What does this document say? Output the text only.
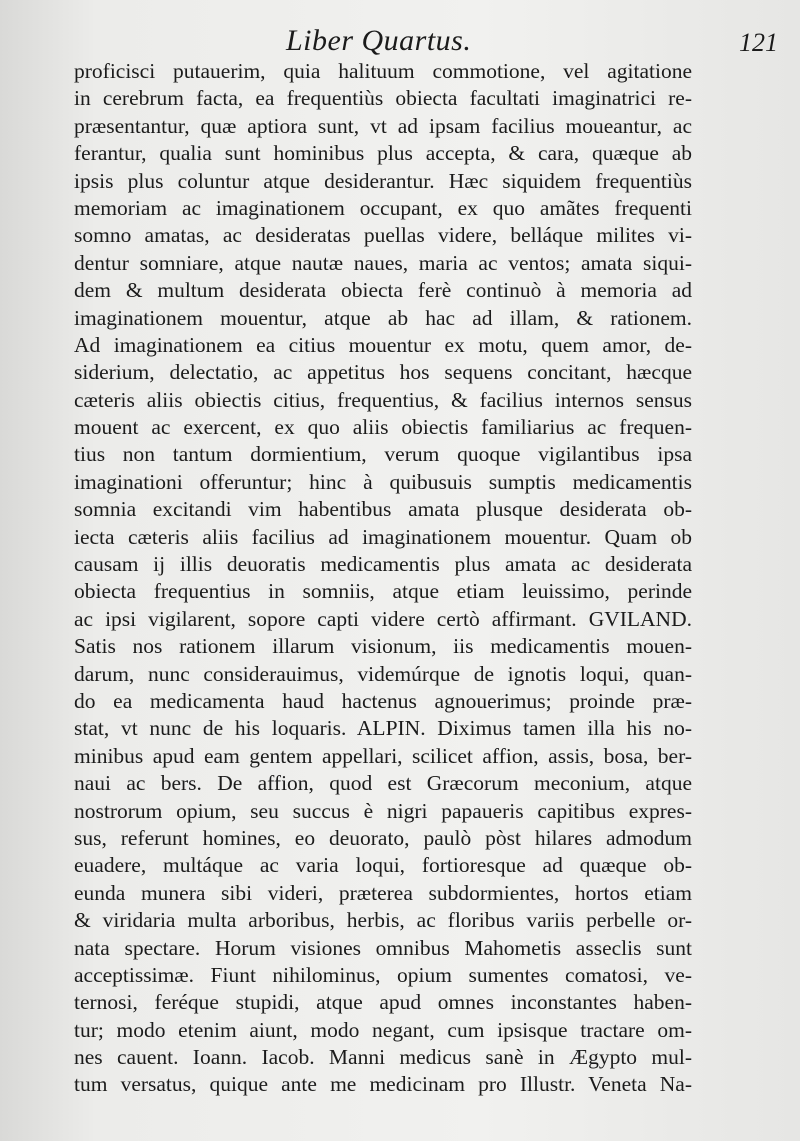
Liber Quartus.	121
proficisci putauerim, quia halituum commotione, vel agitatione
in cerebrum facta, ea frequentiùs obiecta facultati imaginatrici re-
præsentantur, quæ aptiora sunt, vt ad ipsam facilius moueantur, ac
ferantur, qualia sunt hominibus plus accepta, & cara, quæque ab
ipsis plus coluntur atque desiderantur. Hæc siquidem frequentiùs
memoriam ac imaginationem occupant, ex quo amãtes frequenti
somno amatas, ac desideratas puellas videre, belláque milites vi-
dentur somniare, atque nautæ naues, maria ac ventos; amata siqui-
dem & multum desiderata obiecta ferè continuò à memoria ad
imaginationem mouentur, atque ab hac ad illam, & rationem.
Ad imaginationem ea citius mouentur ex motu, quem amor, de-
siderium, delectatio, ac appetitus hos sequens concitant, hæcque
cæteris aliis obiectis citius, frequentius, & facilius internos sensus
mouent ac exercent, ex quo aliis obiectis familiarius ac frequen-
tius non tantum dormientium, verum quoque vigilantibus ipsa
imaginationi offeruntur; hinc à quibusuis sumptis medicamentis
somnia excitandi vim habentibus amata plusque desiderata ob-
iecta cæteris aliis facilius ad imaginationem mouentur. Quam ob
causam ij illis deuoratis medicamentis plus amata ac desiderata
obiecta frequentius in somniis, atque etiam leuissimo, perinde
ac ipsi vigilarent, sopore capti videre certò affirmant. GVILAND.
Satis nos rationem illarum visionum, iis medicamentis mouen-
darum, nunc considerauimus, videmúrque de ignotis loqui, quan-
do ea medicamenta haud hactenus agnouerimus; proinde præ-
stat, vt nunc de his loquaris. ALPIN. Diximus tamen illa his no-
minibus apud eam gentem appellari, scilicet affion, assis, bosa, ber-
naui ac bers. De affion, quod est Græcorum meconium, atque
nostrorum opium, seu succus è nigri papaueris capitibus expres-
sus, referunt homines, eo deuorato, paulò pòst hilares admodum
euadere, multáque ac varia loqui, fortioresque ad quæque ob-
eunda munera sibi videri, præterea subdormientes, hortos etiam
& viridaria multa arboribus, herbis, ac floribus variis perbelle or-
nata spectare. Horum visiones omnibus Mahometis asseclis sunt
acceptissimæ. Fiunt nihilominus, opium sumentes comatosi, ve-
ternosi, feréque stupidi, atque apud omnes inconstantes haben-
tur; modo etenim aiunt, modo negant, cum ipsisque tractare om-
nes cauent. Ioann. Iacob. Manni medicus sanè in Ægypto mul-
tum versatus, quique ante me medicinam pro Illustr. Veneta Na-
